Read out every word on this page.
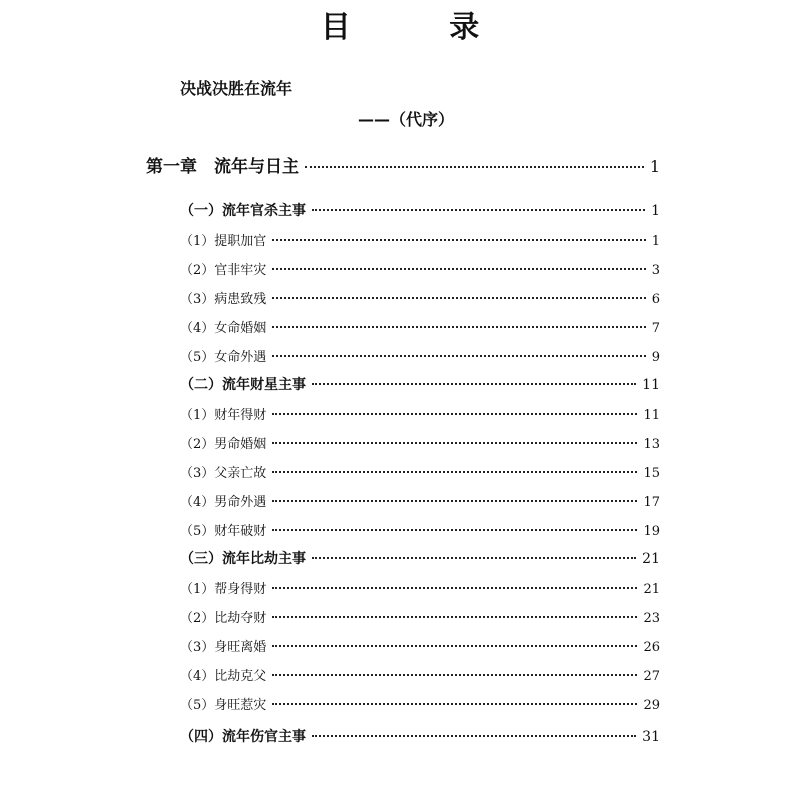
目 录
决战决胜在流年
——（代序）
第一章　流年与日主	1
（一）流年官杀主事	1
（1）提职加官	1
（2）官非牢灾	3
（3）病患致残	6
（4）女命婚姻	7
（5）女命外遇	9
（二）流年财星主事	11
（1）财年得财	11
（2）男命婚姻	13
（3）父亲亡故	15
（4）男命外遇	17
（5）财年破财	19
（三）流年比劫主事	21
（1）帮身得财	21
（2）比劫夺财	23
（3）身旺离婚	26
（4）比劫克父	27
（5）身旺惹灾	29
（四）流年伤官主事	31
